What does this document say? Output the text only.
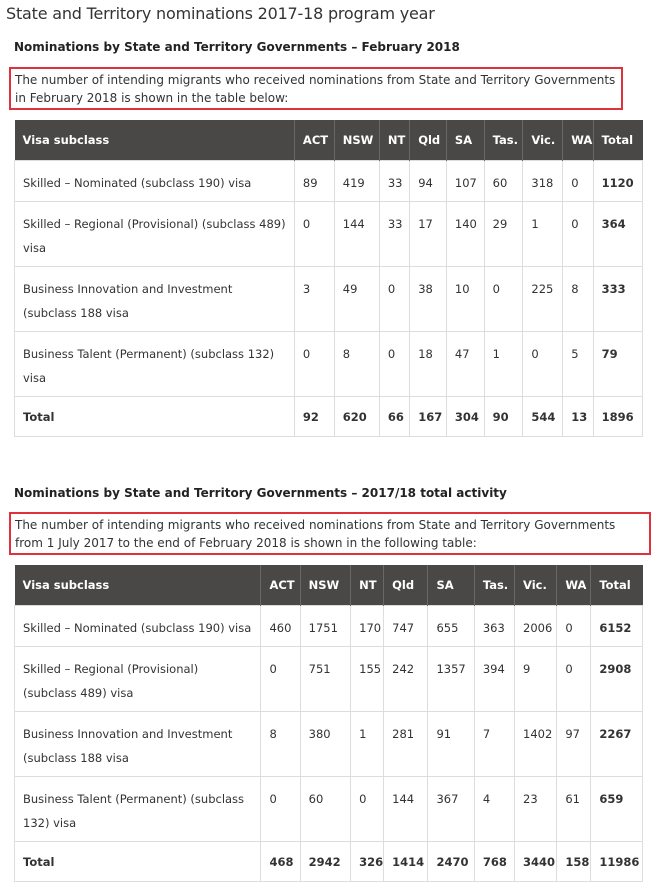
State and Territory nominations 2017-18 program year
Nominations by State and Territory Governments – February 2018
The number of intending migrants who received nominations from State and Territory Governments in February 2018 is shown in the table below:
Visa subclass	ACT	NSW	NT	Qld	SA	Tas.	Vic.	WA	Total
Skilled – Nominated (subclass 190) visa	89	419	33	94	107	60	318	0	1120
Skilled – Regional (Provisional) (subclass 489) visa	0	144	33	17	140	29	1	0	364
Business Innovation and Investment (subclass 188 visa	3	49	0	38	10	0	225	8	333
Business Talent (Permanent) (subclass 132) visa	0	8	0	18	47	1	0	5	79
Total	92	620	66	167	304	90	544	13	1896
Nominations by State and Territory Governments – 2017/18 total activity
The number of intending migrants who received nominations from State and Territory Governments from 1 July 2017 to the end of February 2018 is shown in the following table:
Visa subclass	ACT	NSW	NT	Qld	SA	Tas.	Vic.	WA	Total
Skilled – Nominated (subclass 190) visa	460	1751	170	747	655	363	2006	0	6152
Skilled – Regional (Provisional) (subclass 489) visa	0	751	155	242	1357	394	9	0	2908
Business Innovation and Investment (subclass 188 visa	8	380	1	281	91	7	1402	97	2267
Business Talent (Permanent) (subclass 132) visa	0	60	0	144	367	4	23	61	659
Total	468	2942	326	1414	2470	768	3440	158	11986
